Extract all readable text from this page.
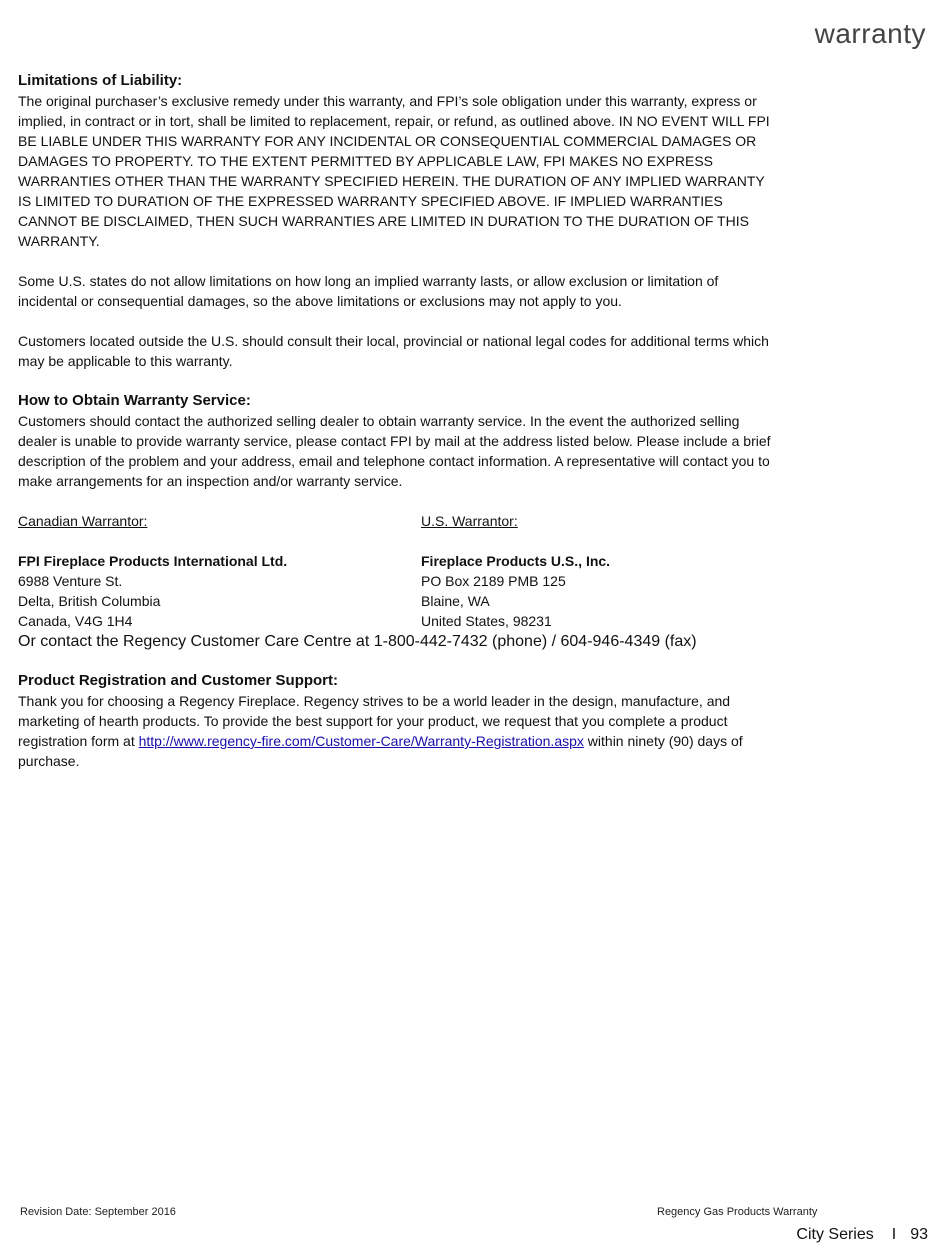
warranty

Limitations of Liability:

The original purchaser’s exclusive remedy under this warranty, and FPI’s sole obligation under this warranty, express or implied, in contract or in tort, shall be limited to replacement, repair, or refund, as outlined above. IN NO EVENT WILL FPI BE LIABLE UNDER THIS WARRANTY FOR ANY INCIDENTAL OR CONSEQUENTIAL COMMERCIAL DAMAGES OR DAMAGES TO PROPERTY. TO THE EXTENT PERMITTED BY APPLICABLE LAW, FPI MAKES NO EXPRESS WARRANTIES OTHER THAN THE WARRANTY SPECIFIED HEREIN. THE DURATION OF ANY IMPLIED WARRANTY IS LIMITED TO DURATION OF THE EXPRESSED WARRANTY SPECIFIED ABOVE. IF IMPLIED WARRANTIES CANNOT BE DISCLAIMED, THEN SUCH WARRANTIES ARE LIMITED IN DURATION TO THE DURATION OF THIS WARRANTY.

Some U.S. states do not allow limitations on how long an implied warranty lasts, or allow exclusion or limitation of incidental or consequential damages, so the above limitations or exclusions may not apply to you.

Customers located outside the U.S. should consult their local, provincial or national legal codes for additional terms which may be applicable to this warranty.

How to Obtain Warranty Service:

Customers should contact the authorized selling dealer to obtain warranty service. In the event the authorized selling dealer is unable to provide warranty service, please contact FPI by mail at the address listed below. Please include a brief description of the problem and your address, email and telephone contact information. A representative will contact you to make arrangements for an inspection and/or warranty service.

Canadian Warrantor:

FPI Fireplace Products International Ltd.

6988 Venture St.

Delta, British Columbia

Canada, V4G 1H4

U.S. Warrantor:

Fireplace Products U.S., Inc.

PO Box 2189 PMB 125

Blaine, WA

United States, 98231

Or contact the Regency Customer Care Centre at 1-800-442-7432 (phone) / 604-946-4349 (fax)

Product Registration and Customer Support:

Thank you for choosing a Regency Fireplace. Regency strives to be a world leader in the design, manufacture, and marketing of hearth products. To provide the best support for your product, we request that you complete a product registration form at http://www.regency-fire.com/Customer-Care/Warranty-Registration.aspx within ninety (90) days of purchase.

Revision Date: September 2016	Regency Gas Products Warranty
City Series I 93
